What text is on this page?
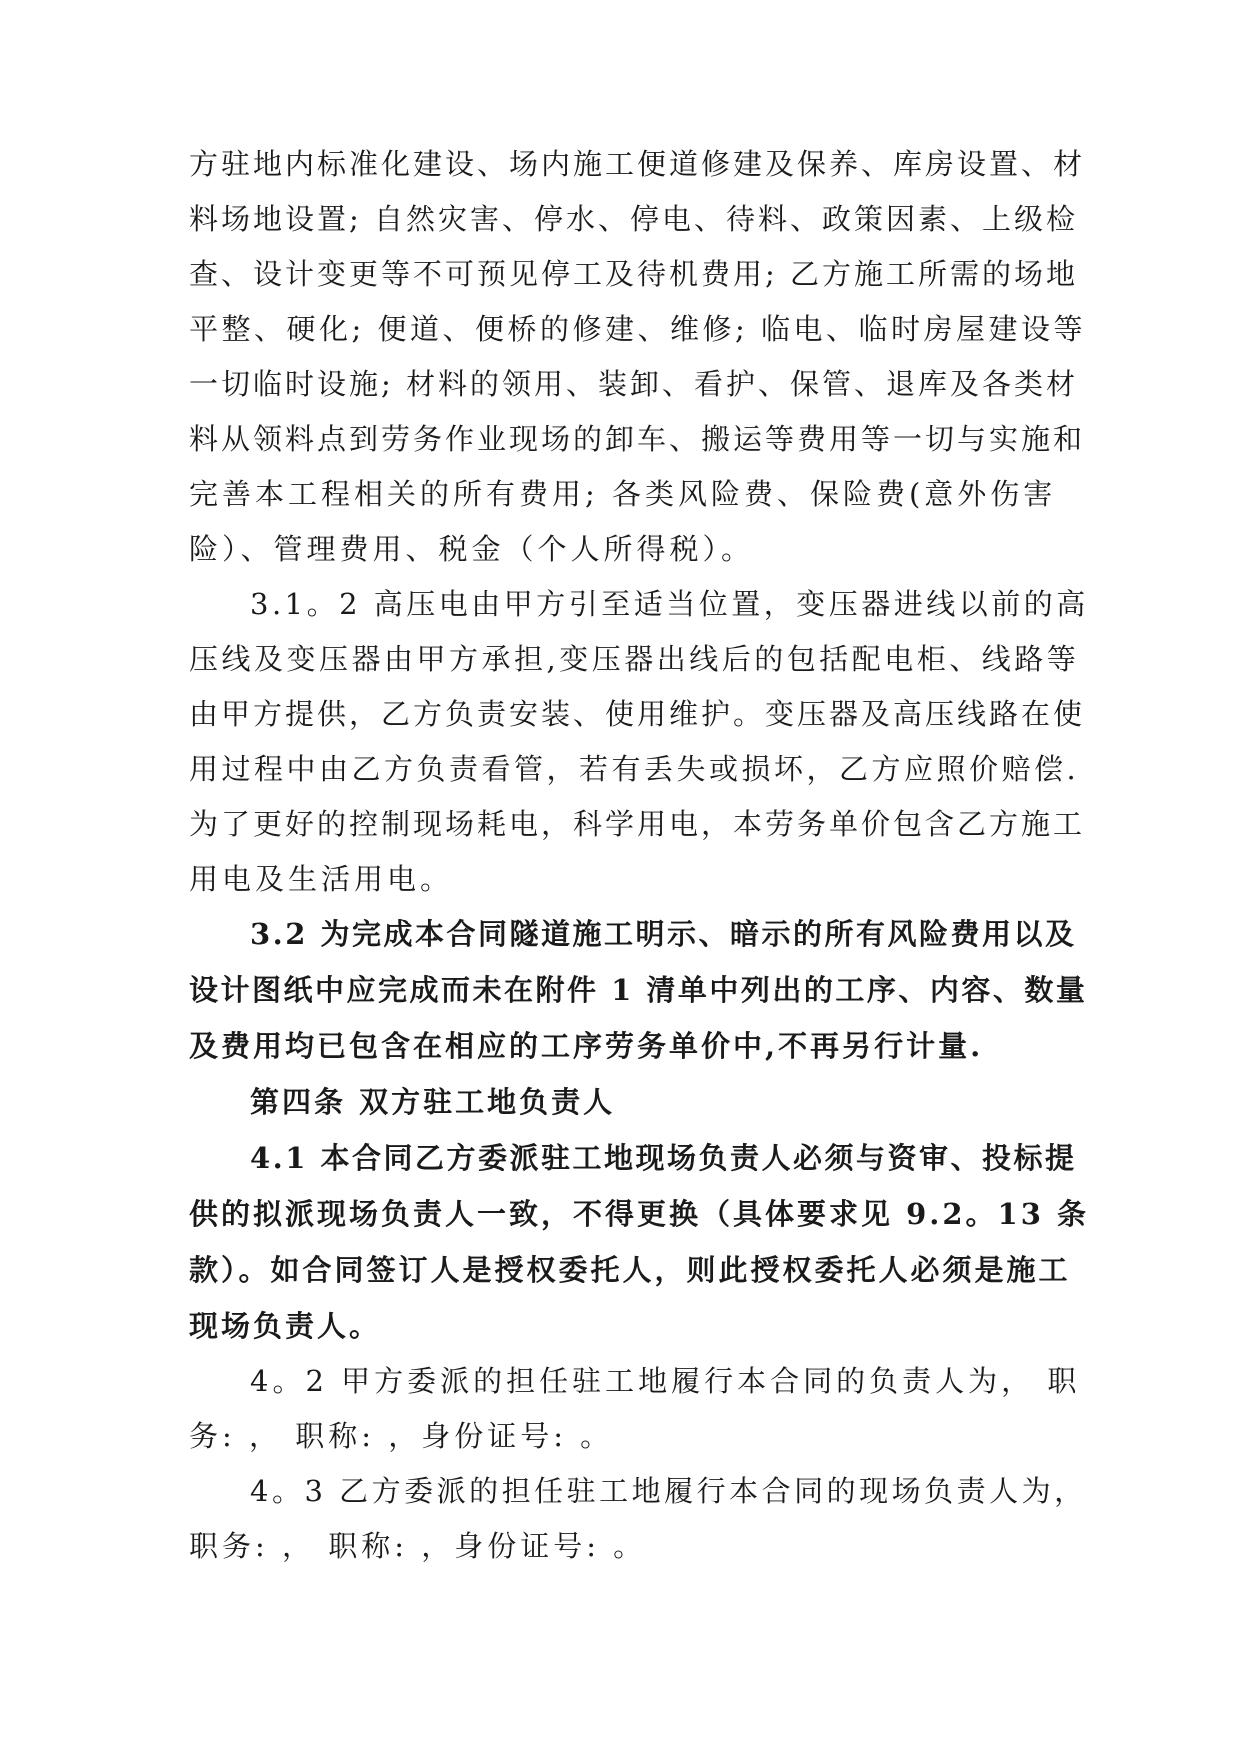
方驻地内标准化建设、场内施工便道修建及保养、库房设置、材
料场地设置; 自然灾害、停水、停电、待料、政策因素、上级检
查、设计变更等不可预见停工及待机费用; 乙方施工所需的场地
平整、硬化; 便道、便桥的修建、维修; 临电、临时房屋建设等
一切临时设施; 材料的领用、装卸、看护、保管、退库及各类材
料从领料点到劳务作业现场的卸车、搬运等费用等一切与实施和
完善本工程相关的所有费用; 各类风险费、保险费(意外伤害
险）、管理费用、税金（个人所得税）。
3.1。2 高压电由甲方引至适当位置，变压器进线以前的高
压线及变压器由甲方承担,变压器出线后的包括配电柜、线路等
由甲方提供，乙方负责安装、使用维护。变压器及高压线路在使
用过程中由乙方负责看管，若有丢失或损坏，乙方应照价赔偿.
为了更好的控制现场耗电，科学用电，本劳务单价包含乙方施工
用电及生活用电。
3.2 为完成本合同隧道施工明示、暗示的所有风险费用以及
设计图纸中应完成而未在附件 1 清单中列出的工序、内容、数量
及费用均已包含在相应的工序劳务单价中,不再另行计量.
第四条 双方驻工地负责人
4.1 本合同乙方委派驻工地现场负责人必须与资审、投标提
供的拟派现场负责人一致，不得更换（具体要求见 9.2。13 条
款）。如合同签订人是授权委托人，则此授权委托人必须是施工
现场负责人。
4。2 甲方委派的担任驻工地履行本合同的负责人为， 职
务: ， 职称: ，身份证号: 。
4。3 乙方委派的担任驻工地履行本合同的现场负责人为，
职务: ， 职称: ，身份证号: 。
